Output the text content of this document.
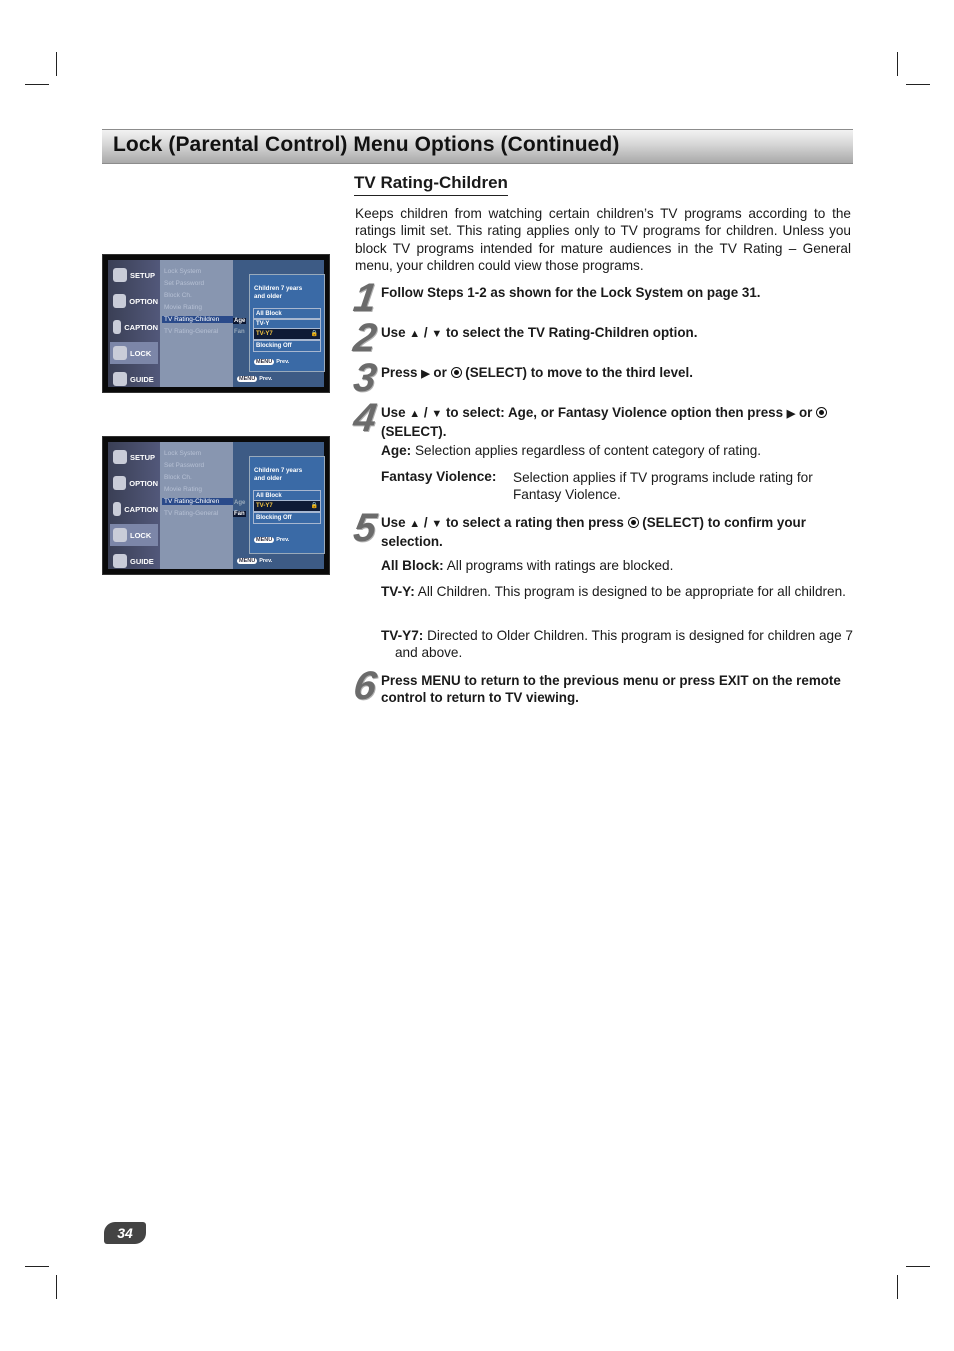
Lock (Parental Control) Menu Options (Continued)
TV Rating-Children

Keeps children from watching certain children’s TV programs according to the ratings limit set. This rating applies only to TV programs for children. Unless you block TV programs intended for mature audiences in the TV Rating – General menu, your children could view those programs.

1 Follow Steps 1-2 as shown for the Lock System on page 31.
2 Use ▲ / ▼ to select the TV Rating-Children option.
3 Press ▶ or  (SELECT) to move to the third level.
4 Use ▲ / ▼ to select: Age, or Fantasy Violence option then press ▶ or  (SELECT).
Age: Selection applies regardless of content category of rating.
Fantasy Violence: Selection applies if TV programs include rating for Fantasy Violence.
5 Use ▲ / ▼ to select a rating then press  (SELECT) to confirm your selection.
All Block: All programs with ratings are blocked.
TV-Y: All Children. This program is designed to be appropriate for all children.
TV-Y7: Directed to Older Children. This program is designed for children age 7 and above.
6 Press MENU to return to the previous menu or press EXIT on the remote control to return to TV viewing.
SETUP
OPTION
CAPTION
LOCK
GUIDE
Lock System
Set Password
Block Ch.
Movie Rating
TV Rating-Children
TV Rating-General
Age
Fan
Children 7 years
and older
All Block
TV-Y
TV-Y7	🔒
Blocking Off
MENU Prev.
MENU Prev.
SETUP
OPTION
CAPTION
LOCK
GUIDE
Lock System
Set Password
Block Ch.
Movie Rating
TV Rating-Children
TV Rating-General
Age
Fan
Children 7 years
and older
All Block
TV-Y7	🔒
Blocking Off
MENU Prev.
MENU Prev.
34
